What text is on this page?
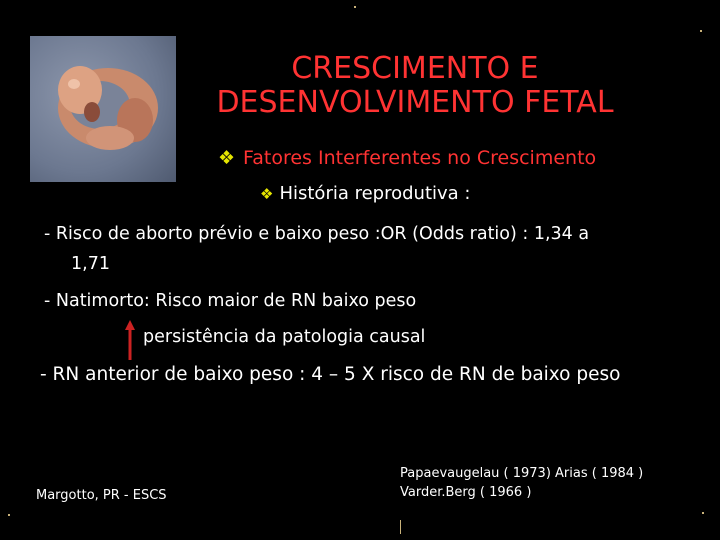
CRESCIMENTO E
DESENVOLVIMENTO FETAL
❖ Fatores Interferentes no Crescimento
❖ História reprodutiva :
- Risco de aborto prévio e baixo peso :OR (Odds ratio) : 1,34 a
1,71
- Natimorto: Risco maior de RN baixo peso
persistência da patologia causal
- RN anterior de baixo peso : 4 – 5 X risco de RN de baixo peso
Margotto, PR - ESCS
Papaevaugelau ( 1973) Arias ( 1984 )
Varder.Berg ( 1966 )
